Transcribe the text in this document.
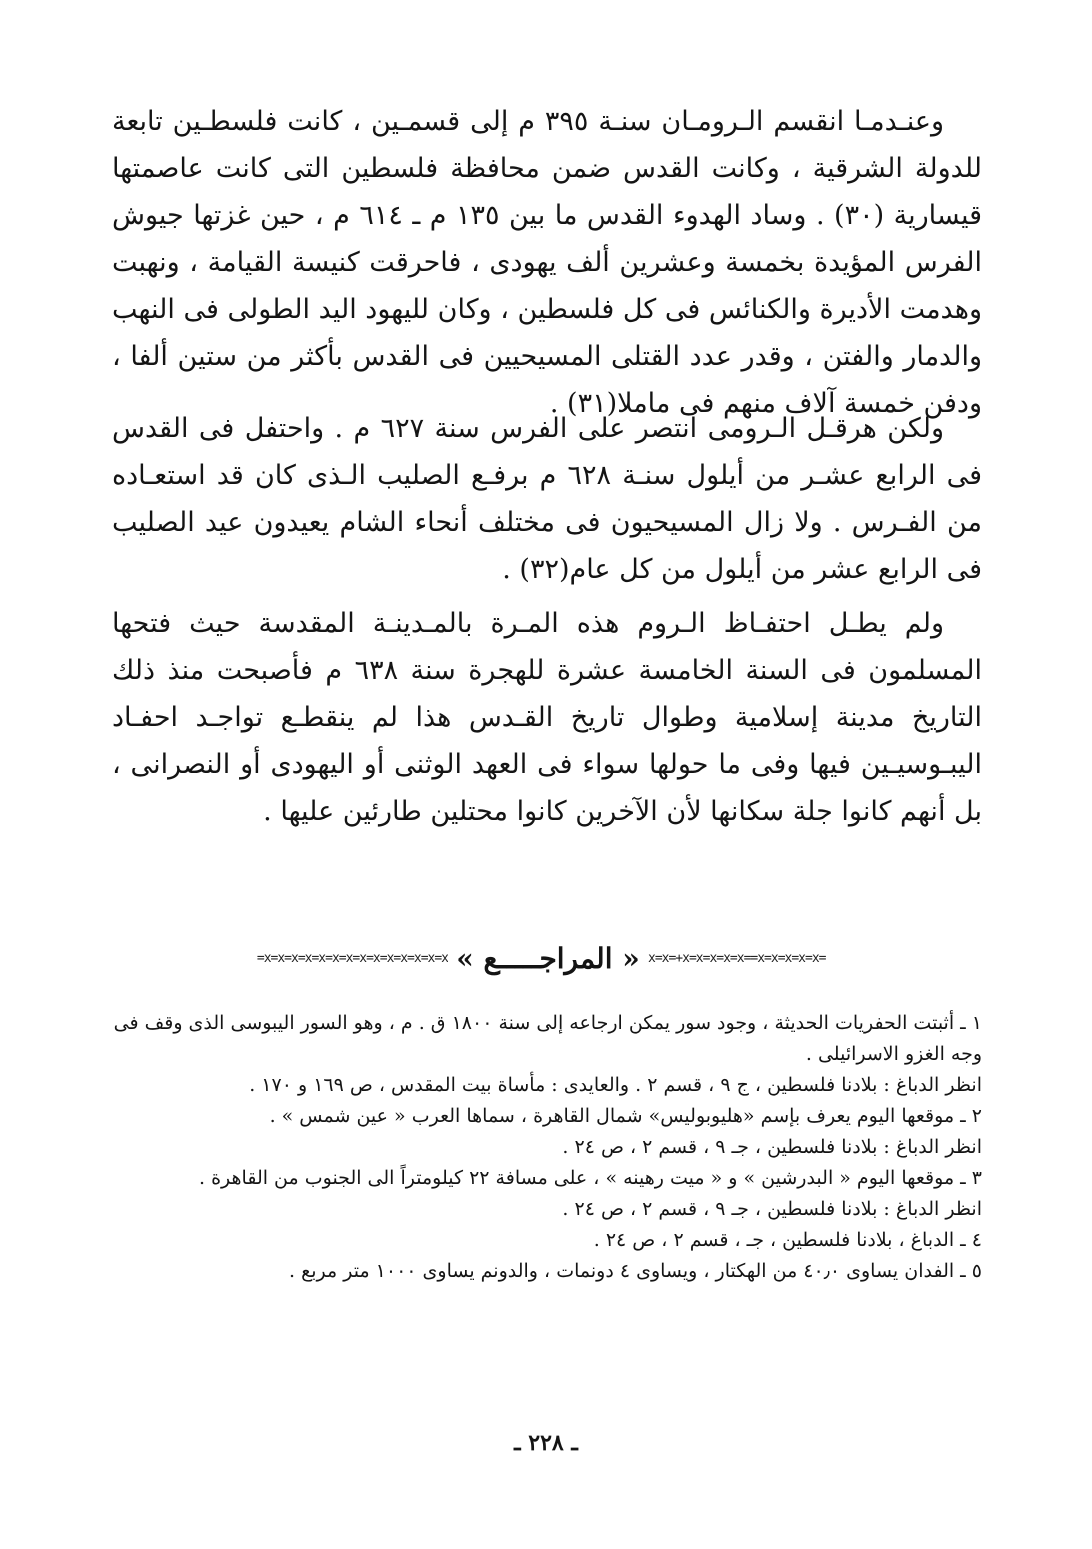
وعنـدمـا انقسم الـرومـان سنـة ٣٩٥ م إلى قسمـين ، كانت فلسطـين تابعة للدولة الشرقية ، وكانت القدس ضمن محافظة فلسطين التى كانت عاصمتها قيسارية (٣٠) . وساد الهدوء القدس ما بين ١٣٥ م ـ ٦١٤ م ، حين غزتها جيوش الفرس المؤيدة بخمسة وعشرين ألف يهودى ، فاحرقت كنيسة القيامة ، ونهبت وهدمت الأديرة والكنائس فى كل فلسطين ، وكان لليهود اليد الطولى فى النهب والدمار والفتن ، وقدر عدد القتلى المسيحيين فى القدس بأكثر من ستين ألفا ، ودفن خمسة آلاف منهم فى ماملا(٣١) .

ولكن هرقـل الـرومى انتصر على الفرس سنة ٦٢٧ م . واحتفل فى القدس فى الرابع عشـر من أيلول سنـة ٦٢٨ م برفـع الصليب الـذى كان قد استعـاده من الفـرس . ولا زال المسيحيون فى مختلف أنحاء الشام يعيدون عيد الصليب فى الرابع عشر من أيلول من كل عام(٣٢) .

ولم يطـل احتفـاظ الـروم هذه المـرة بالمـدينـة المقدسة حيث فتحها المسلمون فى السنة الخامسة عشرة للهجرة سنة ٦٣٨ م فأصبحت منذ ذلك التاريخ مدينة إسلامية وطوال تاريخ القـدس هذا لم ينقطـع تواجـد احفـاد اليبـوسيـين فيها وفى ما حولها سواء فى العهد الوثنى أو اليهودى أو النصرانى ، بل أنهم كانوا جلة سكانها لأن الآخرين كانوا محتلين طارئين عليها .

=x=x=+x=x=x=x=x==x=x=x=x=x
« المراجـــــع »
x=x=x=x=x=x=x=x=x=x=x=x=x=x=

١ ـ أثبتت الحفريات الحديثة ، وجود سور يمكن ارجاعه إلى سنة ١٨٠٠ ق . م ، وهو السور اليبوسى الذى وقف فى وجه الغزو الاسرائيلى .

انظر الدباغ : بلادنا فلسطين ، ج ٩ ، قسم ٢ . والعايدى : مأساة بيت المقدس ، ص ١٦٩ و ١٧٠ .

٢ ـ موقعها اليوم يعرف بإسم «هليوبوليس» شمال القاهرة ، سماها العرب « عين شمس » .

انظر الدباغ : بلادنا فلسطين ، جـ ٩ ، قسم ٢ ، ص ٢٤ .

٣ ـ موقعها اليوم « البدرشين » و « ميت رهينه » ، على مسافة ٢٢ كيلومتراً الى الجنوب من القاهرة .

انظر الدباغ : بلادنا فلسطين ، جـ ٩ ، قسم ٢ ، ص ٢٤ .

٤ ـ الدباغ ، بلادنا فلسطين ، جـ ، قسم ٢ ، ص ٢٤ .

٥ ـ الفدان يساوى ٤٠٫٠ من الهكتار ، ويساوى ٤ دونمات ، والدونم يساوى ١٠٠٠ متر مربع .

ـ ٢٢٨ ـ
